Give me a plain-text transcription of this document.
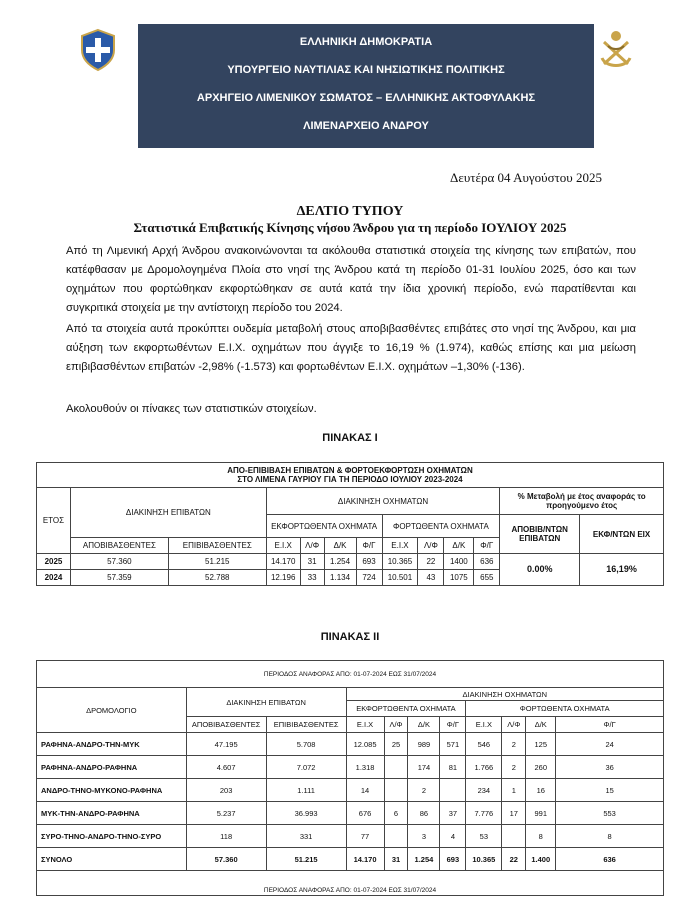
ΕΛΛΗΝΙΚΗ ΔΗΜΟΚΡΑΤΙΑ
ΥΠΟΥΡΓΕΙΟ ΝΑΥΤΙΛΙΑΣ ΚΑΙ ΝΗΣΙΩΤΙΚΗΣ ΠΟΛΙΤΙΚΗΣ
ΑΡΧΗΓΕΙΟ ΛΙΜΕΝΙΚΟΥ ΣΩΜΑΤΟΣ – ΕΛΛΗΝΙΚΗΣ ΑΚΤΟΦΥΛΑΚΗΣ
ΛΙΜΕΝΑΡΧΕΙΟ ΑΝΔΡΟΥ
Δευτέρα 04 Αυγούστου 2025
ΔΕΛΤΙΟ ΤΥΠΟΥ
Στατιστικά Επιβατικής Κίνησης νήσου Άνδρου για τη περίοδο ΙΟΥΛΙΟΥ 2025
Από τη Λιμενική Αρχή Άνδρου ανακοινώνονται τα ακόλουθα στατιστικά στοιχεία της κίνησης των επιβατών, που κατέφθασαν με Δρομολογημένα Πλοία στο νησί της Άνδρου κατά τη περίοδο 01-31 Ιουλίου 2025, όσο και των οχημάτων που φορτώθηκαν εκφορτώθηκαν σε αυτά κατά την ίδια χρονική περίοδο, ενώ παρατίθενται και συγκριτικά στοιχεία με την αντίστοιχη περίοδο του 2024.
Από τα στοιχεία αυτά προκύπτει ουδεμία μεταβολή στους αποβιβασθέντες επιβάτες στο νησί της Άνδρου, και μια αύξηση των εκφορτωθέντων Ε.Ι.Χ. οχημάτων που άγγιξε το 16,19 % (1.974), καθώς επίσης και μια μείωση επιβιβασθέντων επιβατών -2,98% (-1.573) και φορτωθέντων Ε.Ι.Χ. οχημάτων –1,30% (-136).
Ακολουθούν οι πίνακες των στατιστικών στοιχείων.
ΠΙΝΑΚΑΣ Ι
ΑΠΟ-ΕΠΙΒΙΒΑΣΗ ΕΠΙΒΑΤΩΝ & ΦΟΡΤΟΕΚΦΟΡΤΩΣΗ ΟΧΗΜΑΤΩΝ
ΣΤΟ ΛΙΜΕΝΑ ΓΑΥΡΙΟΥ ΓΙΑ ΤΗ ΠΕΡΙΟΔΟ ΙΟΥΛΙΟΥ 2023-2024												
ΕΤΟΣ	ΔΙΑΚΙΝΗΣΗ ΕΠΙΒΑΤΩΝ		ΔΙΑΚΙΝΗΣΗ ΟΧΗΜΑΤΩΝ								% Μεταβολή με έτος αναφοράς το προηγούμενο έτος	
			ΕΚΦΟΡΤΩΘΕΝΤΑ ΟΧΗΜΑΤΑ				ΦΟΡΤΩΘΕΝΤΑ ΟΧΗΜΑΤΑ				ΑΠΟΒΙΒ/ΝΤΩΝ ΕΠΙΒΑΤΩΝ	ΕΚΦ/ΝΤΩΝ ΕΙΧ
	ΑΠΟΒΙΒΑΣΘΕΝΤΕΣ	ΕΠΙΒΙΒΑΣΘΕΝΤΕΣ	Ε.Ι.Χ	Λ/Φ	Δ/Κ	Φ/Γ	Ε.Ι.Χ	Λ/Φ	Δ/Κ	Φ/Γ		
2025	57.360	51.215	14.170	31	1.254	693	10.365	22	1400	636	0.00%	16,19%
2024	57.359	52.788	12.196	33	1.134	724	10.501	43	1075	655		
ΠΙΝΑΚΑΣ ΙΙ
ΠΕΡΙΟΔΟΣ ΑΝΑΦΟΡΑΣ ΑΠΟ: 01-07-2024 ΕΩΣ 31/07/2024										
ΔΡΟΜΟΛΟΓΙΟ	ΔΙΑΚΙΝΗΣΗ ΕΠΙΒΑΤΩΝ		ΔΙΑΚΙΝΗΣΗ ΟΧΗΜΑΤΩΝ							
			ΕΚΦΟΡΤΩΘΕΝΤΑ ΟΧΗΜΑΤΑ				ΦΟΡΤΩΘΕΝΤΑ ΟΧΗΜΑΤΑ			
	ΑΠΟΒΙΒΑΣΘΕΝΤΕΣ	ΕΠΙΒΙΒΑΣΘΕΝΤΕΣ	Ε.Ι.Χ	Λ/Φ	Δ/Κ	Φ/Γ	Ε.Ι.Χ	Λ/Φ	Δ/Κ	Φ/Γ
ΡΑΦΗΝΑ-ΑΝΔΡΟ-ΤΗΝ-ΜΥΚ	47.195	5.708	12.085	25	989	571	546	2	125	24
ΡΑΦΗΝΑ-ΑΝΔΡΟ-ΡΑΦΗΝΑ	4.607	7.072	1.318		174	81	1.766	2	260	36
ΑΝΔΡΟ-ΤΗΝΟ-ΜΥΚΟΝΟ-ΡΑΦΗΝΑ	203	1.111	14		2		234	1	16	15
ΜΥΚ-ΤΗΝ-ΑΝΔΡΟ-ΡΑΦΗΝΑ	5.237	36.993	676	6	86	37	7.776	17	991	553
ΣΥΡΟ-ΤΗΝΟ-ΑΝΔΡΟ-ΤΗΝΟ-ΣΥΡΟ	118	331	77		3	4	53		8	8
ΣΥΝΟΛΟ	57.360	51.215	14.170	31	1.254	693	10.365	22	1.400	636
ΠΕΡΙΟΔΟΣ ΑΝΑΦΟΡΑΣ ΑΠΟ: 01-07-2024 ΕΩΣ 31/07/2024										
